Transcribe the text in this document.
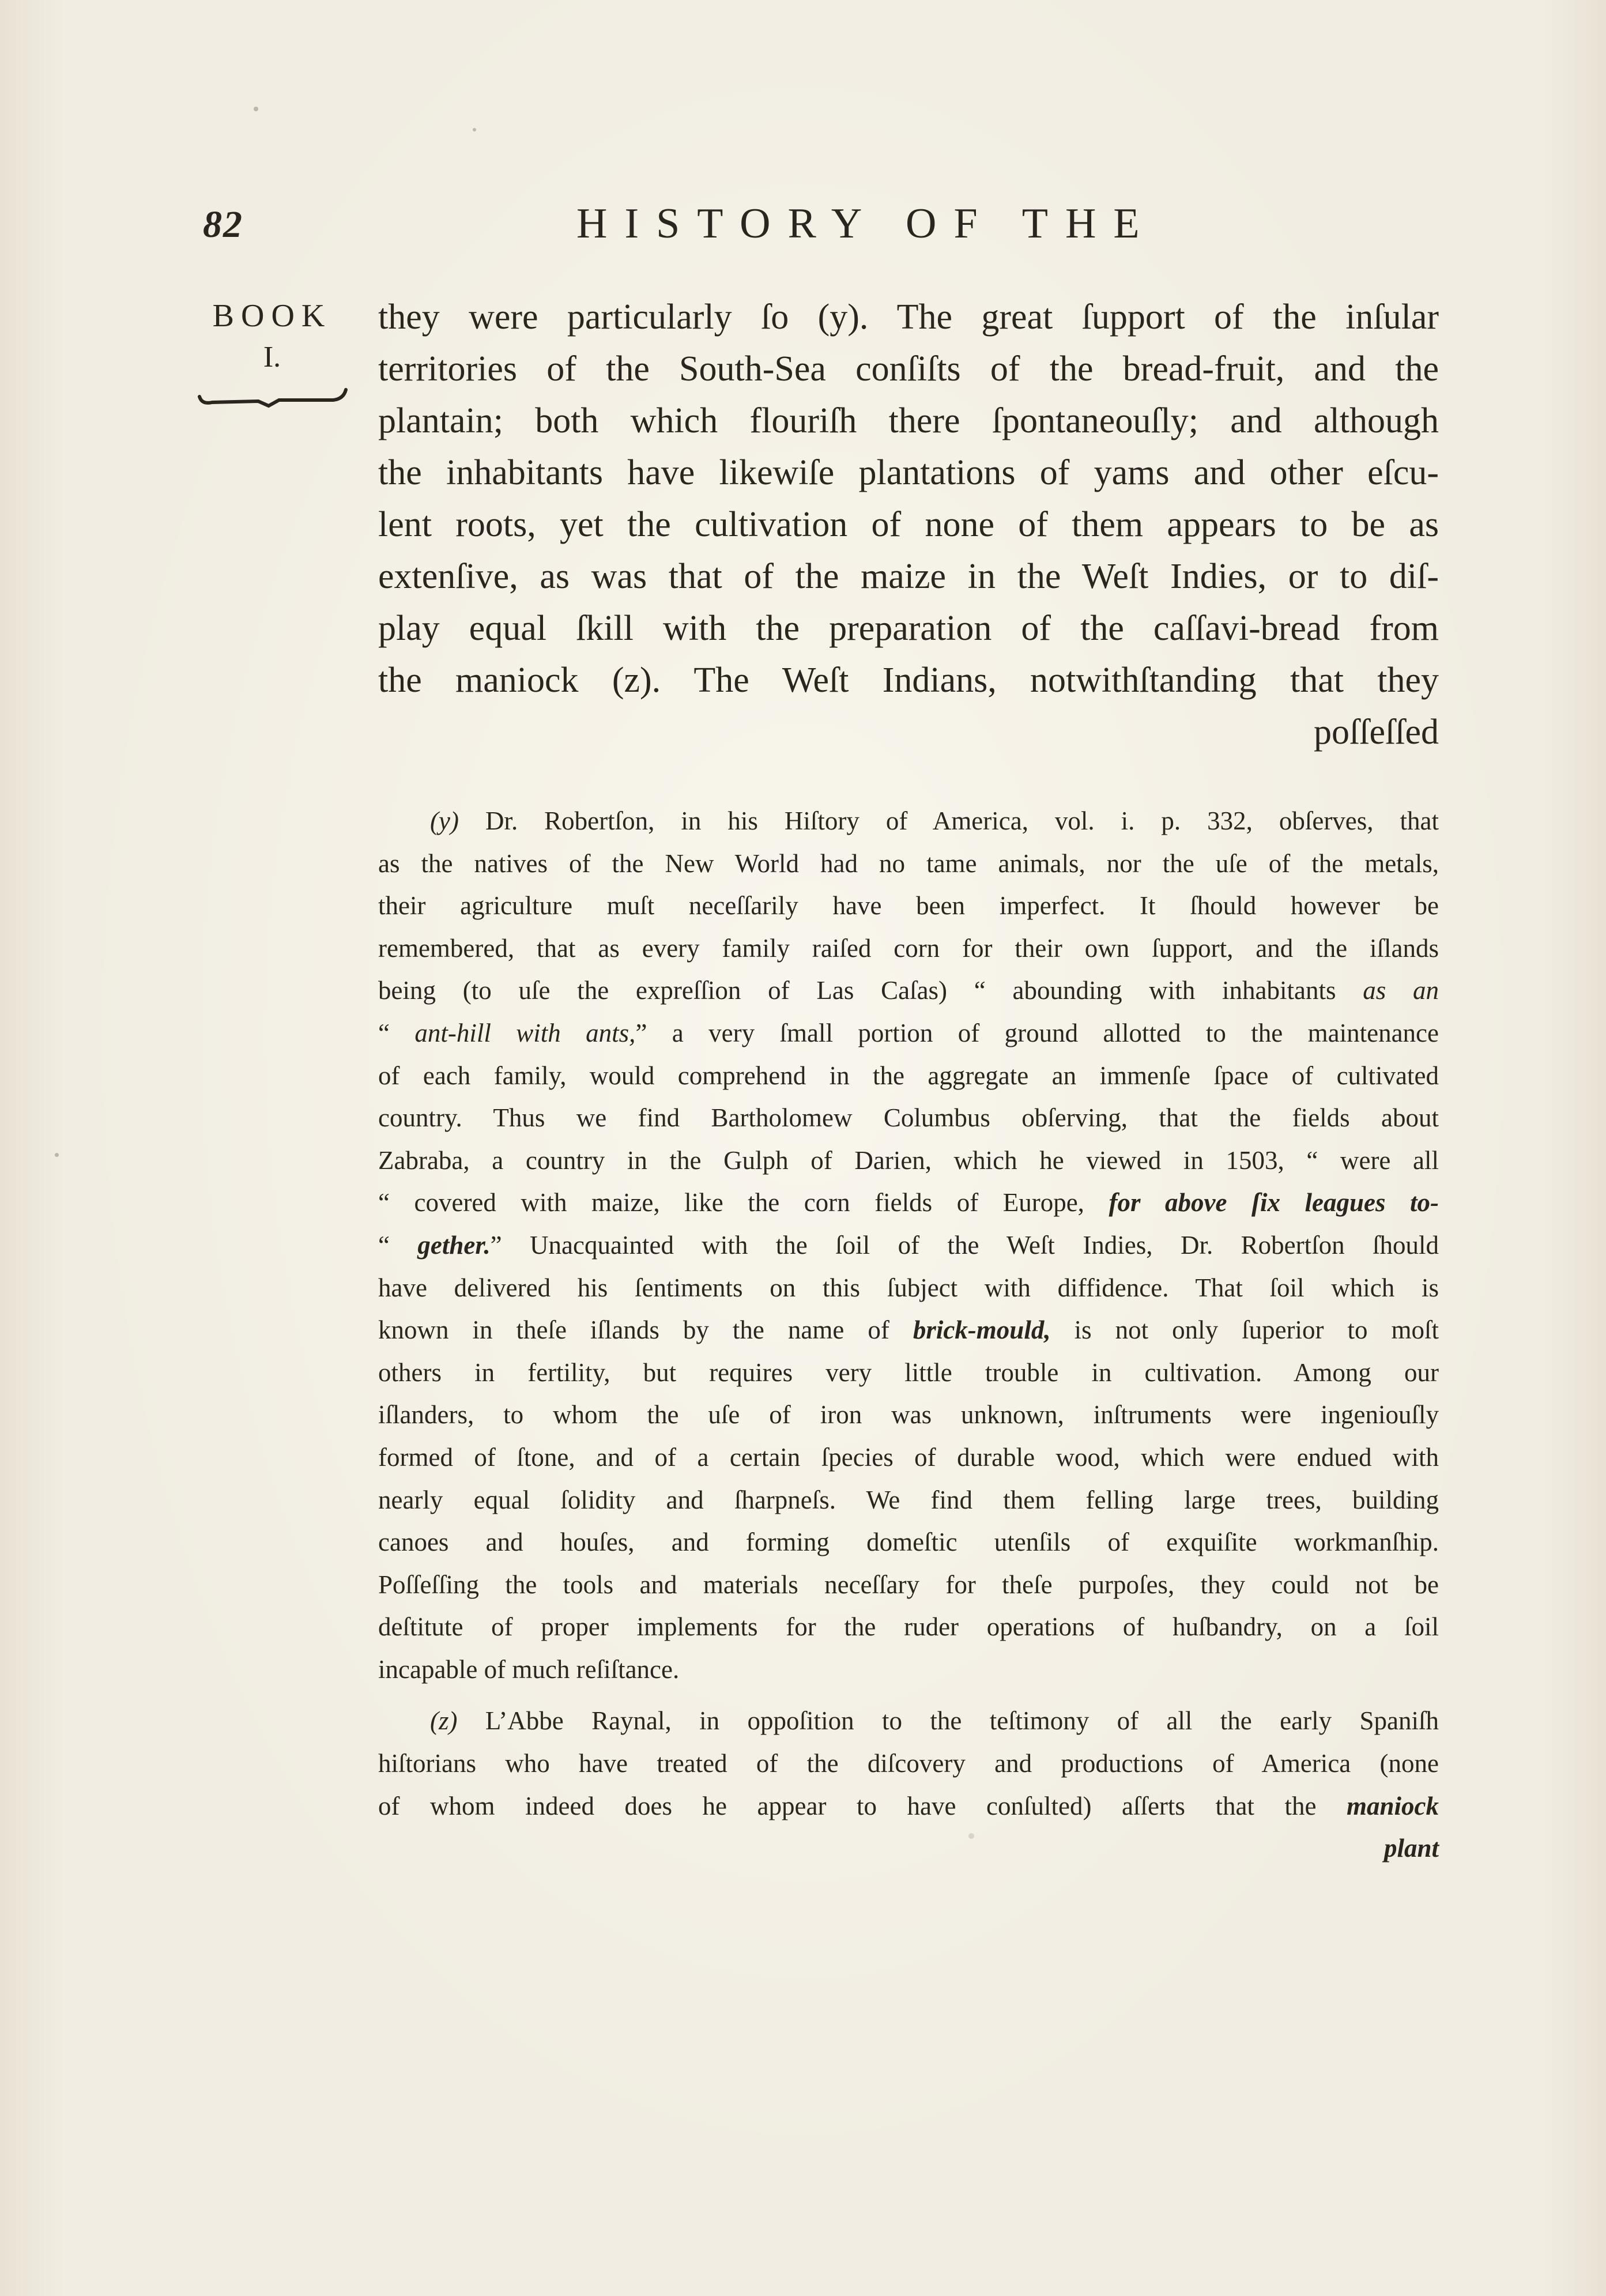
82	HISTORY OF THE
BOOK
I.
they were particularly ſo (y). The great ſupport of the inſular
territories of the South-Sea conſiſts of the bread-fruit, and the
plantain; both which flouriſh there ſpontaneouſly; and although
the inhabitants have likewiſe plantations of yams and other eſcu-
lent roots, yet the cultivation of none of them appears to be as
extenſive, as was that of the maize in the Weſt Indies, or to diſ-
play equal ſkill with the preparation of the caſſavi-bread from
the maniock (z). The Weſt Indians, notwithſtanding that they
poſſeſſed
  (y) Dr. Robertſon, in his Hiſtory of America, vol. i. p. 332, obſerves, that
as the natives of the New World had no tame animals, nor the uſe of the metals,
their agriculture muſt neceſſarily have been imperfect. It ſhould however be
remembered, that as every family raiſed corn for their own ſupport, and the iſlands
being (to uſe the expreſſion of Las Caſas) “ abounding with inhabitants as an
“ ant-hill with ants,” a very ſmall portion of ground allotted to the maintenance
of each family, would comprehend in the aggregate an immenſe ſpace of cultivated
country. Thus we find Bartholomew Columbus obſerving, that the fields about
Zabraba, a country in the Gulph of Darien, which he viewed in 1503, “ were all
“ covered with maize, like the corn fields of Europe, for above ſix leagues to-
“ gether.” Unacquainted with the ſoil of the Weſt Indies, Dr. Robertſon ſhould
have delivered his ſentiments on this ſubject with diffidence. That ſoil which is
known in theſe iſlands by the name of brick-mould, is not only ſuperior to moſt
others in fertility, but requires very little trouble in cultivation. Among our
iſlanders, to whom the uſe of iron was unknown, inſtruments were ingeniouſly
formed of ſtone, and of a certain ſpecies of durable wood, which were endued with
nearly equal ſolidity and ſharpneſs. We find them felling large trees, building
canoes and houſes, and forming domeſtic utenſils of exquiſite workmanſhip.
Poſſeſſing the tools and materials neceſſary for theſe purpoſes, they could not be
deſtitute of proper implements for the ruder operations of huſbandry, on a ſoil
incapable of much reſiſtance.
  (z) L’Abbe Raynal, in oppoſition to the teſtimony of all the early Spaniſh
hiſtorians who have treated of the diſcovery and productions of America (none
of whom indeed does he appear to have conſulted) aſſerts that the maniock
plant
